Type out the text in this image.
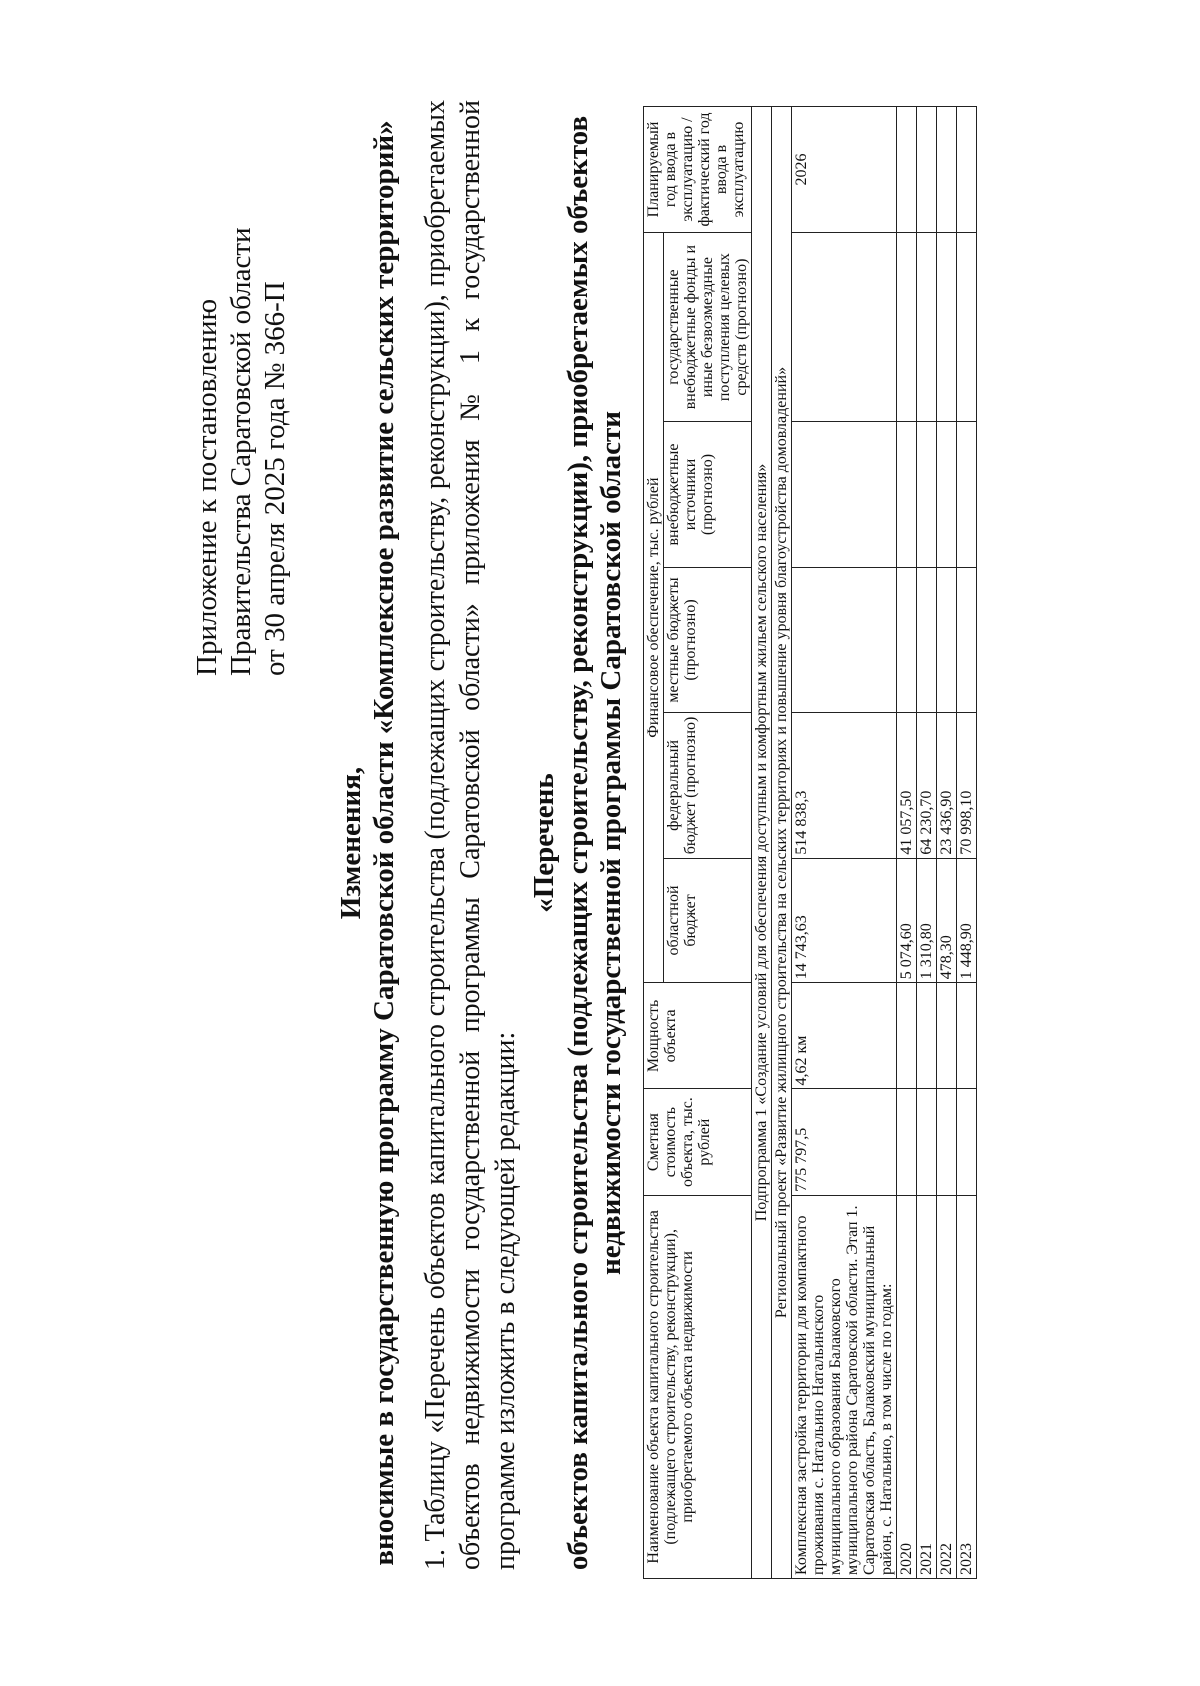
Приложение к постановлению Правительства Саратовской области от 30 апреля 2025 года № 366-П
Изменения, вносимые в государственную программу Саратовской области «Комплексное развитие сельских территорий» 1. Таблицу «Перечень объектов капитального строительства (подлежащих строительству, реконструкции), приобретаемых объектов недвижимости государственной программы Саратовской области» приложения № 1 к государственной программе изложить в следующей редакции:
«Перечень объектов капитального строительства (подлежащих строительству, реконструкции), приобретаемых объектов недвижимости государственной программы Саратовской области
Наименование объекта капитального строительства (подлежащего строительству, реконструкции), приобретаемого объекта недвижимости	Сметная стоимость объекта, тыс. рублей	Мощность объекта	Финансовое обеспечение, тыс. рублей					Планируемый год ввода в эксплуатацию / фактический год ввода в эксплуатацию
			областной бюджет	федеральный бюджет (прогнозно)	местные бюджеты (прогнозно)	внебюджетные источники (прогнозно)	государственные внебюджетные фонды и иные безвозмездные поступления целевых средств (прогнозно)	
Подпрограмма 1 «Создание условий для обеспечения доступным и комфортным жильем сельского населения»								
Региональный проект «Развитие жилищного строительства на сельских территориях и повышение уровня благоустройства домовладений»								
Комплексная застройка территории для компактного проживания с. Натальино Натальинского муниципального образования Балаковского муниципального района Саратовской области. Этап 1. Саратовская область, Балаковский муниципальный район, с. Натальино, в том числе по годам:	775 797,5	4,62 км	14 743,63	514 838,3				2026
2020			5 074,60	41 057,50				
2021			1 310,80	64 230,70				
2022			478,30	23 436,90				
2023			1 448,90	70 998,10				
